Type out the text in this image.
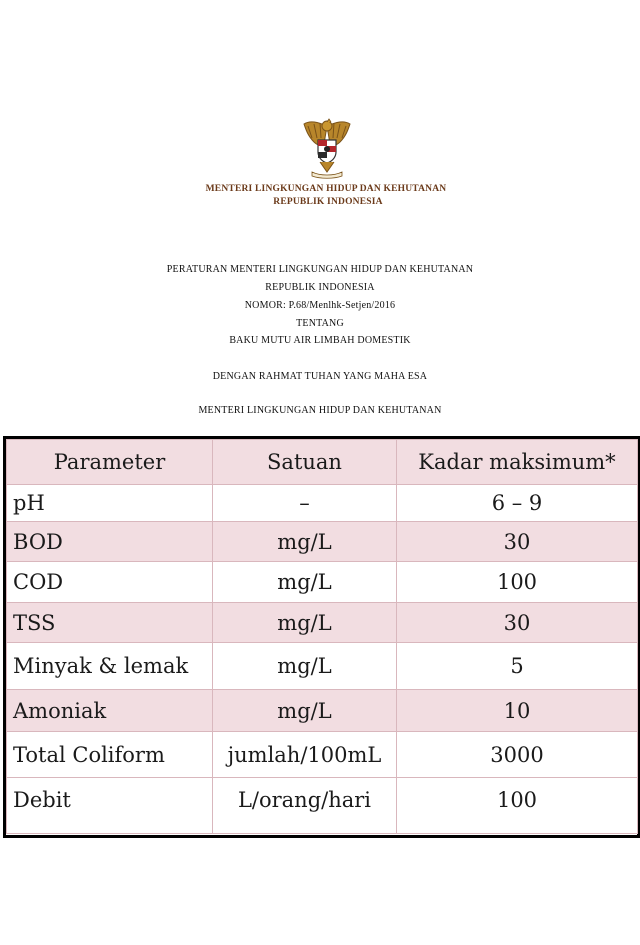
MENTERI LINGKUNGAN HIDUP DAN KEHUTANAN
REPUBLIK INDONESIA
PERATURAN MENTERI LINGKUNGAN HIDUP DAN KEHUTANAN
REPUBLIK INDONESIA
NOMOR: P.68/Menlhk-Setjen/2016
TENTANG
BAKU MUTU AIR LIMBAH DOMESTIK
DENGAN RAHMAT TUHAN YANG MAHA ESA
MENTERI LINGKUNGAN HIDUP DAN KEHUTANAN
Parameter	Satuan	Kadar maksimum*
pH	–	6 – 9
BOD	mg/L	30
COD	mg/L	100
TSS	mg/L	30
Minyak & lemak	mg/L	5
Amoniak	mg/L	10
Total Coliform	jumlah/100mL	3000
Debit	L/orang/hari	100
